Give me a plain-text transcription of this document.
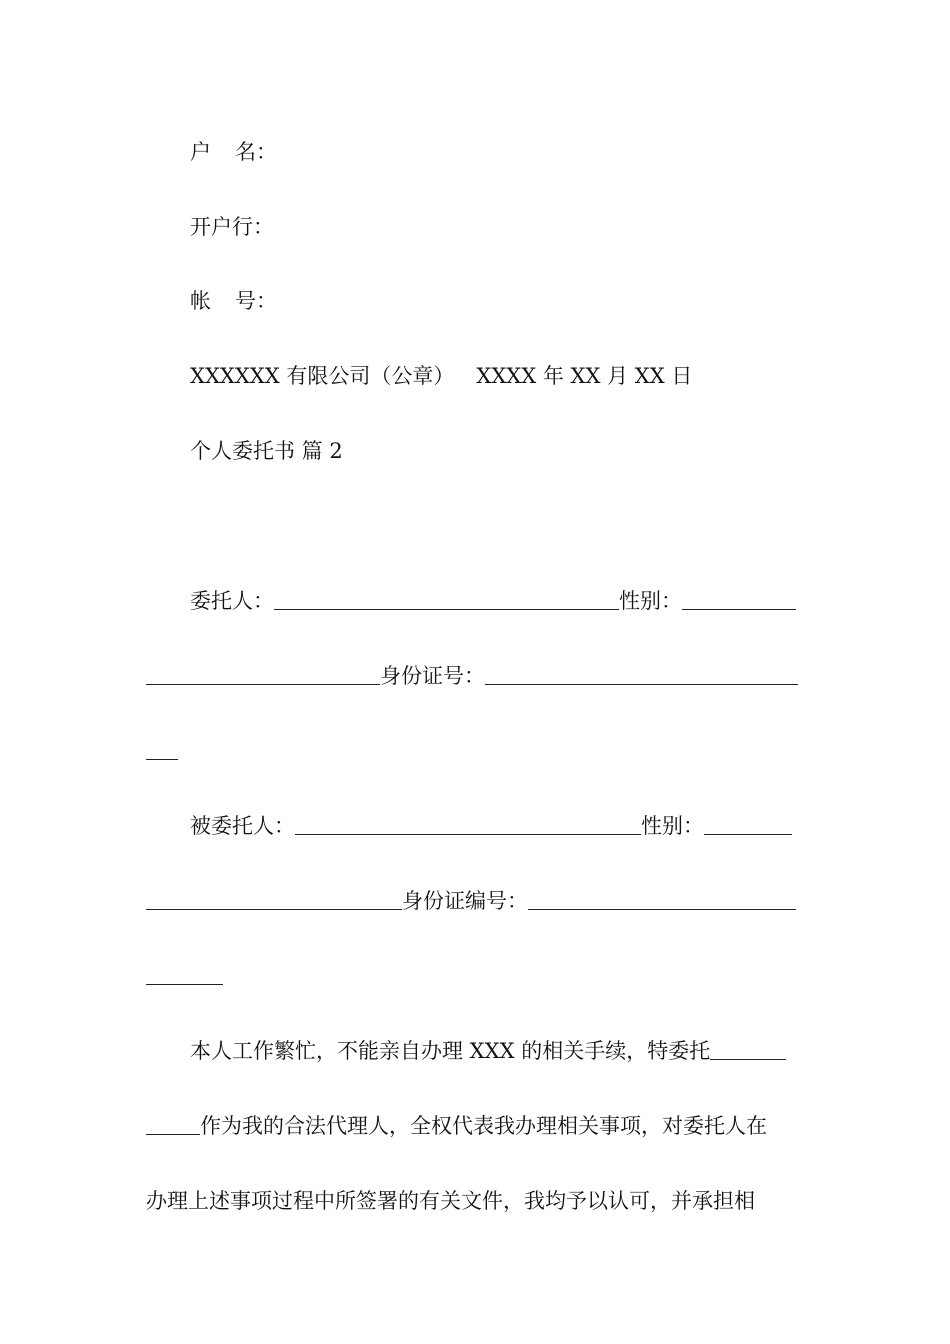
户 名：
开户行：
帐 号：
XXXXXX 有限公司（公章） XXXX 年 XX 月 XX 日
个人委托书 篇 2
委托人：	性别：
身份证号：
被委托人：	性别：
身份证编号：
本人工作繁忙，不能亲自办理 XXX 的相关手续，特委托
作为我的合法代理人，全权代表我办理相关事项，对委托人在
办理上述事项过程中所签署的有关文件，我均予以认可，并承担相
